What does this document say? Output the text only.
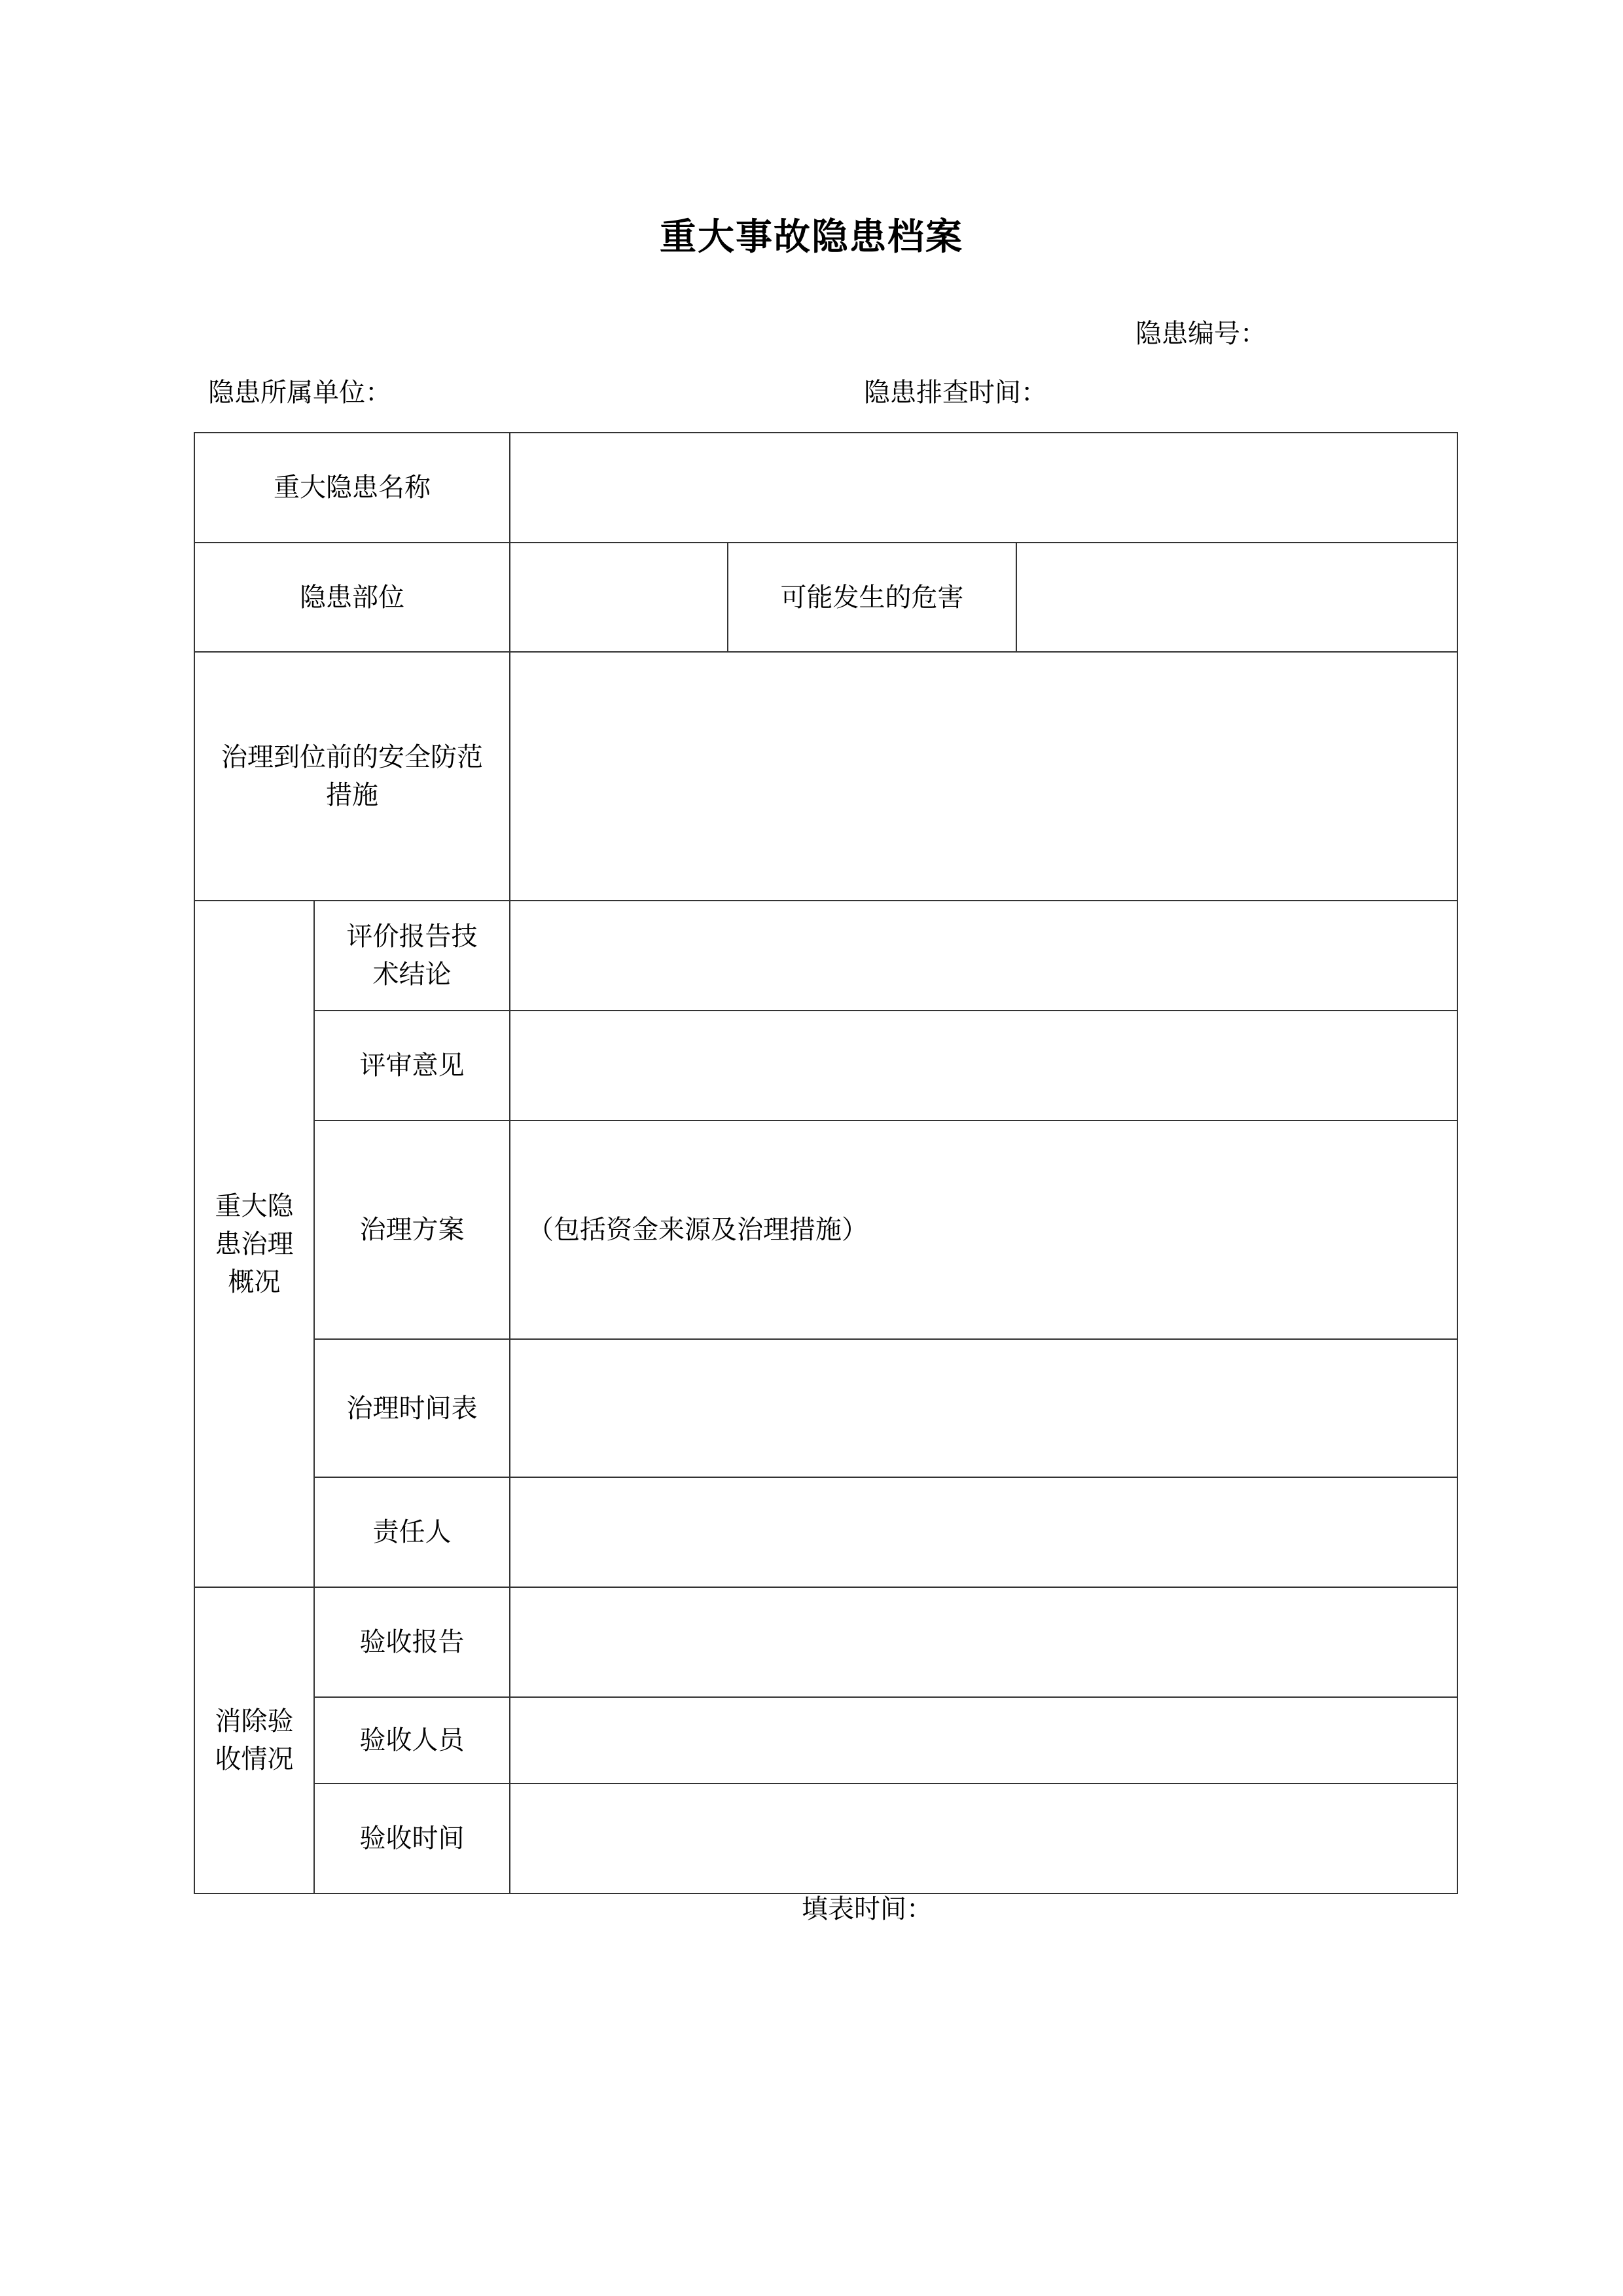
重大事故隐患档案
隐患编号：
隐患所属单位：	隐患排查时间：
重大隐患名称				
隐患部位			可能发生的危害	
治理到位前的安全防范措施				
重大隐患治理概况	评价报告技术结论			
	评审意见			
	治理方案	（包括资金来源及治理措施）		
	治理时间表			
	责任人			
消除验收情况	验收报告			
	验收人员			
	验收时间			
填表时间：
